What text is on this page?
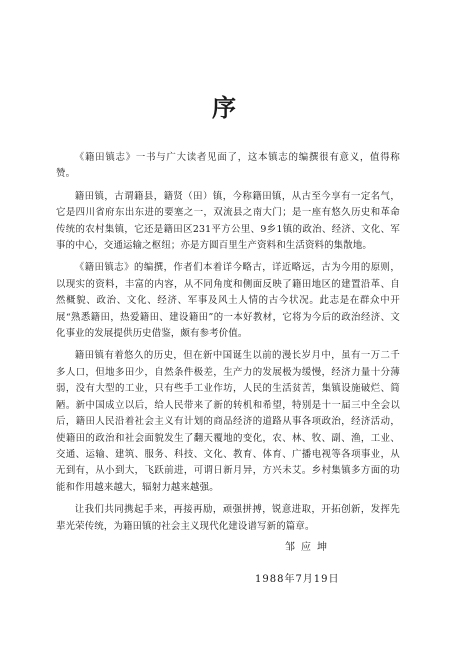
序

《籍田镇志》一书与广大读者见面了，这本镇志的编撰很有意义，值得称赞。

籍田镇，古谓籍县，籍贤（田）镇，今称籍田镇，从古至今享有一定名气，它是四川省府东出东进的要塞之一，双流县之南大门；是一座有悠久历史和革命传统的农村集镇，它还是籍田区231平方公里、9乡1镇的政治、经济、文化、军事的中心，交通运输之枢纽；亦是方圆百里生产资料和生活资料的集散地。

《籍田镇志》的编撰，作者们本着详今略古，详近略远，古为今用的原则，以现实的资料，丰富的内容，从不同角度和侧面反映了籍田地区的建置沿革、自然概貌、政治、文化、经济、军事及风土人情的古今状况。此志是在群众中开展“熟悉籍田，热爱籍田、建设籍田”的一本好教材，它将为今后的政治经济、文化事业的发展提供历史借鉴，颇有参考价值。

籍田镇有着悠久的历史，但在新中国诞生以前的漫长岁月中，虽有一万二千多人口，但地多田少，自然条件极差，生产力的发展极为缓慢，经济力量十分薄弱，没有大型的工业，只有些手工业作坊，人民的生活贫苦，集镇设施破烂、简陋。新中国成立以后，给人民带来了新的转机和希望，特别是十一届三中全会以后，籍田人民沿着社会主义有计划的商品经济的道路从事各项政治，经济活动，使籍田的政治和社会面貌发生了翻天覆地的变化，农、林、牧、副、渔，工业、交通、运输、建筑、服务、科技、文化、教育、体育、广播电视等各项事业，从无到有，从小到大，飞跃前进，可谓日新月异，方兴未艾。乡村集镇多方面的功能和作用越来越大，辐射力越来越强。

让我们共同携起手来，再接再励，顽强拼搏，锐意进取，开拓创新，发挥先辈光荣传统，为籍田镇的社会主义现代化建设谱写新的篇章。

邹应坤
1988年7月19日
